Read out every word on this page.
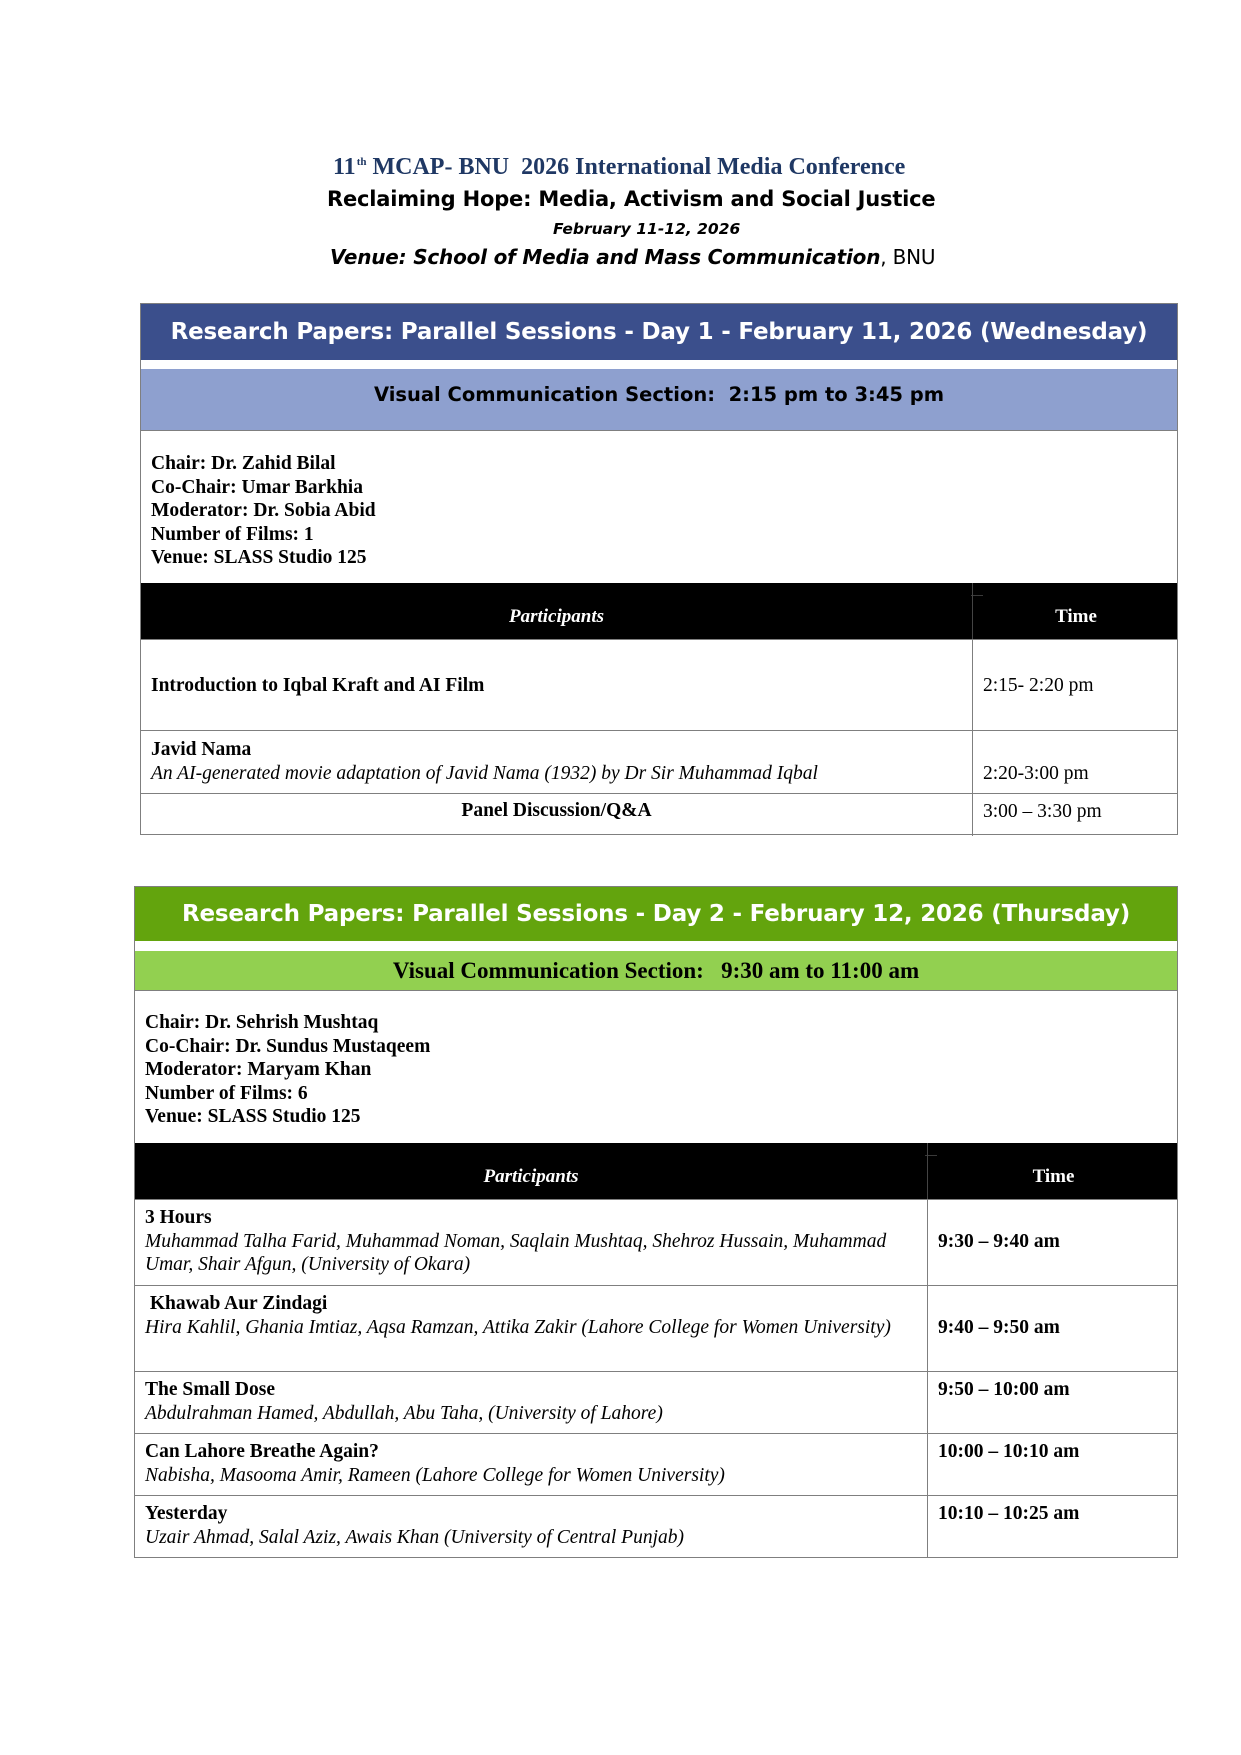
11th MCAP- BNU  2026 International Media Conference
Reclaiming Hope: Media, Activism and Social Justice
February 11-12, 2026
Venue: School of Media and Mass Communication, BNU
Research Papers: Parallel Sessions - Day 1 - February 11, 2026 (Wednesday)
Visual Communication Section:  2:15 pm to 3:45 pm
Chair: Dr. Zahid Bilal
Co-Chair: Umar Barkhia
Moderator: Dr. Sobia Abid
Number of Films: 1
Venue: SLASS Studio 125
Participants	Time
Introduction to Iqbal Kraft and AI Film	2:15- 2:20 pm
Javid Nama
An AI-generated movie adaptation of Javid Nama (1932) by Dr Sir Muhammad Iqbal	2:20-3:00 pm
Panel Discussion/Q&A	3:00 – 3:30 pm
Research Papers: Parallel Sessions - Day 2 - February 12, 2026 (Thursday)
Visual Communication Section:   9:30 am to 11:00 am
Chair: Dr. Sehrish Mushtaq
Co-Chair: Dr. Sundus Mustaqeem
Moderator: Maryam Khan
Number of Films: 6
Venue: SLASS Studio 125
Participants	Time
3 Hours
Muhammad Talha Farid, Muhammad Noman, Saqlain Mushtaq, Shehroz Hussain, Muhammad Umar, Shair Afgun, (University of Okara)
9:30 – 9:40 am
Khawab Aur Zindagi
Hira Kahlil, Ghania Imtiaz, Aqsa Ramzan, Attika Zakir (Lahore College for Women University)	9:40 – 9:50 am
The Small Dose
Abdulrahman Hamed, Abdullah, Abu Taha, (University of Lahore)
9:50 – 10:00 am
Can Lahore Breathe Again?
Nabisha, Masooma Amir, Rameen (Lahore College for Women University)
10:00 – 10:10 am
Yesterday
Uzair Ahmad, Salal Aziz, Awais Khan (University of Central Punjab)
10:10 – 10:25 am
